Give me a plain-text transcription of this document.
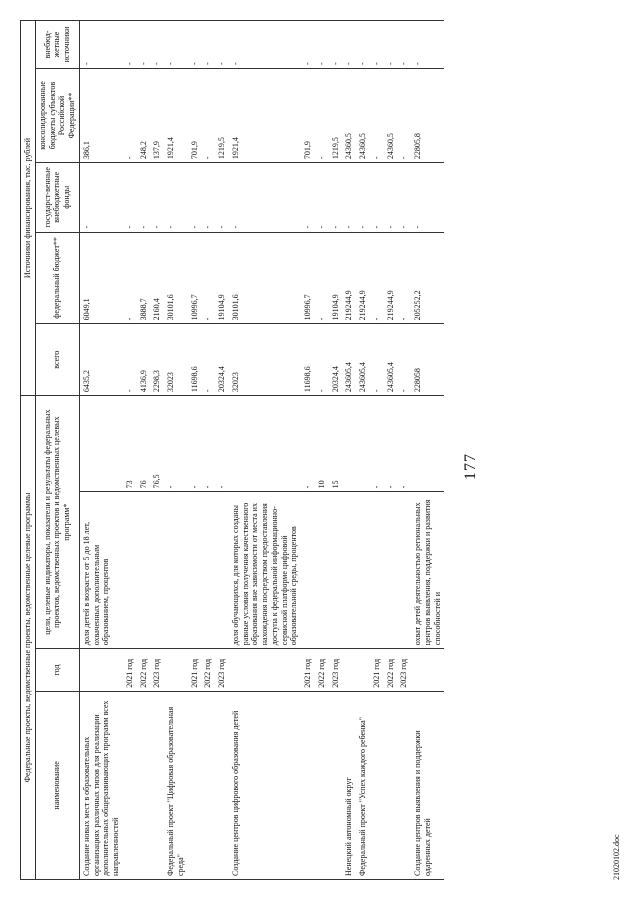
Федеральные проекты, ведомственные проекты, ведомственные целевые программы				Источники финансирования, тыс. рублей				
наименование	год	цели, целевые индикаторы, показатели и результаты федеральных проектов, ведомственных проектов и ведомственных целевых программ*		всего	федеральный бюджет**	государст-венные внебюджетные фонды	консолидированные бюджеты субъектов Российской Федерации**	внебюд-жетные источники
Создание новых мест в образовательных организациях различных типов для реализации дополнительных общеразвивающих программ всех направленностей		доля детей в возрасте от 5 до 18 лет, охваченных дополнительным образованием, процентов		6435,2	6049,1	-	386,1	-
	2021 год		73	-	-	-	-	-
	2022 год		76	4136,9	3888,7	-	248,2	-
	2023 год		76,5	2298,3	2160,4	-	137,9	-
Федеральный проект "Цифровая образовательная среда"			-	32023	30101,6	-	1921,4	-
	2021 год		-	11698,6	10996,7	-	701,9	-
	2022 год		-	-	-	-	-	-
	2023 год		-	20324,4	19104,9	-	1219,5	-
Создание центров цифрового образования детей		доля обучающихся, для которых созданы равные условия получения качественного образования вне зависимости от места их нахождения посредством предоставления доступа к федеральной информационно-сервисной платформе цифровой образовательной среды, процентов		32023	30101,6	-	1921,4	-
	2021 год		-	11698,6	10996,7	-	701,9	-
	2022 год		10	-	-	-	-	-
	2023 год		15	20324,4	19104,9	-	1219,5	-
Ненецкий автономный округ				243605,4	219244,9	-	24360,5	-
Федеральный проект "Успех каждого ребенка"				243605,4	219244,9	-	24360,5	-
	2021 год		-	-	-	-	-	-
	2022 год		-	243605,4	219244,9	-	24360,5	-
	2023 год		-	-	-	-	-	-
Создание центров выявления и поддержки одаренных детей		охват детей деятельностью региональных центров выявления, поддержки и развития способностей и		228058	205252,2	-	22805,8	-
177
21020102.doc
